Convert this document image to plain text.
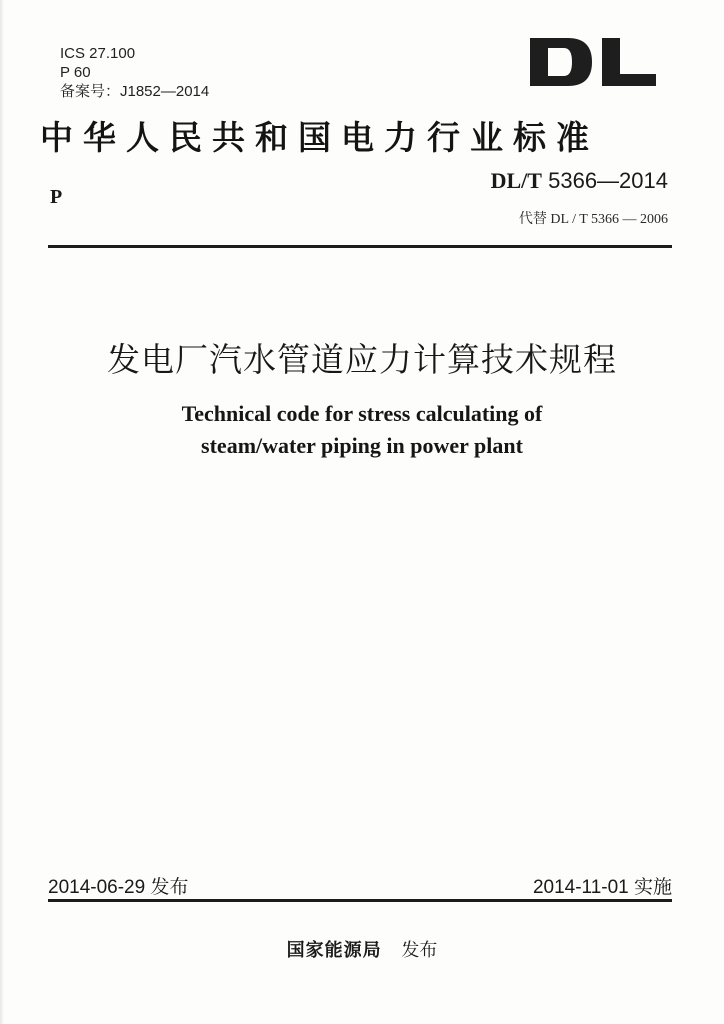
ICS 27.100
P 60
备案号：J1852—2014
中华人民共和国电力行业标准
P
DL/T 5366—2014
代替 DL / T 5366 — 2006
发电厂汽水管道应力计算技术规程
Technical code for stress calculating of
steam/water piping in power plant
2014-06-29 发布	2014-11-01 实施
国家能源局 发布
